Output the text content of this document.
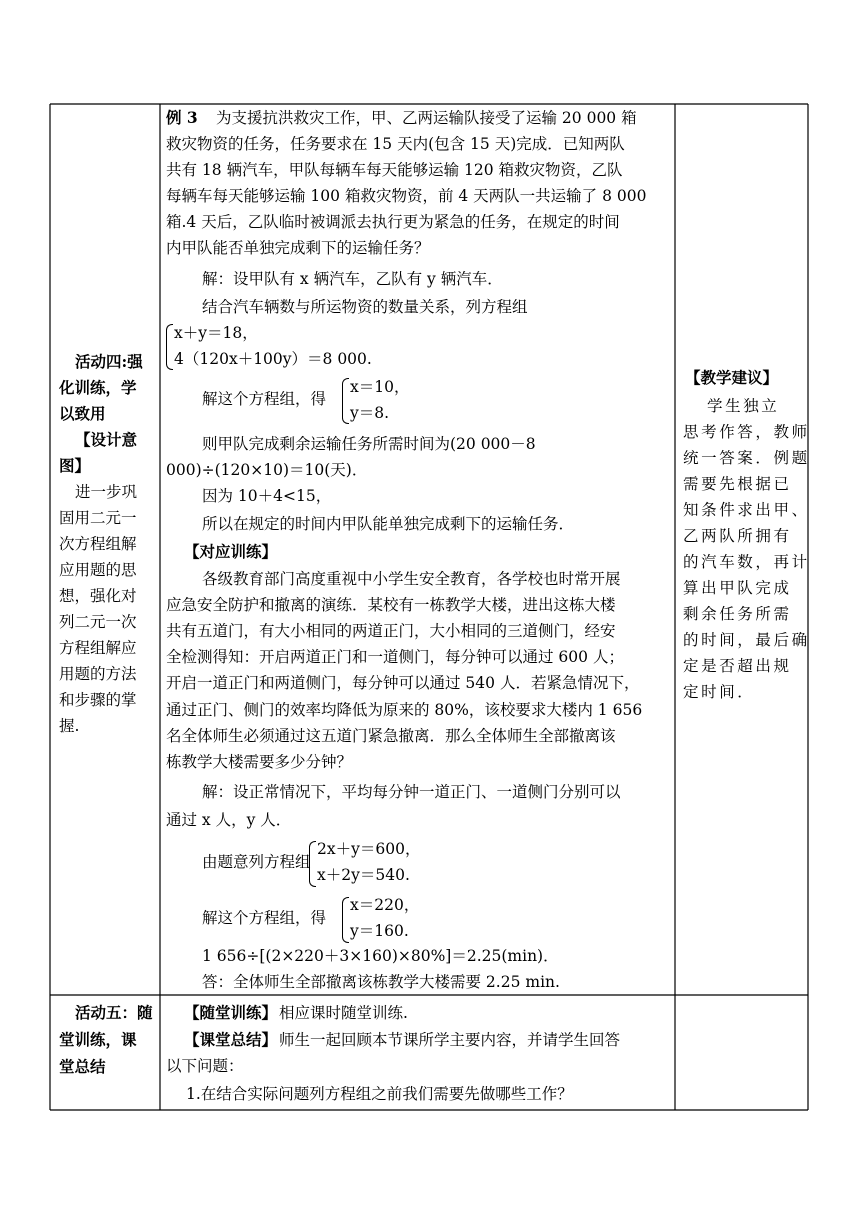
活动四:强
化训练，学
以致用
【设计意
图】
进一步巩
固用二元一
次方程组解
应用题的思
想，强化对
列二元一次
方程组解应
用题的方法
和步骤的掌
握.
例 3 为支援抗洪救灾工作，甲、乙两运输队接受了运输 20 000 箱
救灾物资的任务，任务要求在 15 天内(包含 15 天)完成．已知两队
共有 18 辆汽车，甲队每辆车每天能够运输 120 箱救灾物资，乙队
每辆车每天能够运输 100 箱救灾物资，前 4 天两队一共运输了 8 000
箱.4 天后，乙队临时被调派去执行更为紧急的任务，在规定的时间
内甲队能否单独完成剩下的运输任务？
解：设甲队有 x 辆汽车，乙队有 y 辆汽车．
结合汽车辆数与所运物资的数量关系，列方程组
x＋y＝18，
4（120x＋100y）＝8 000.
解这个方程组，得
x＝10，
y＝8.
则甲队完成剩余运输任务所需时间为(20 000－8
000)÷(120×10)＝10(天)．
因为 10＋4<15，
所以在规定的时间内甲队能单独完成剩下的运输任务．
【对应训练】
各级教育部门高度重视中小学生安全教育，各学校也时常开展
应急安全防护和撤离的演练．某校有一栋教学大楼，进出这栋大楼
共有五道门，有大小相同的两道正门，大小相同的三道侧门，经安
全检测得知：开启两道正门和一道侧门，每分钟可以通过 600 人；
开启一道正门和两道侧门，每分钟可以通过 540 人．若紧急情况下，
通过正门、侧门的效率均降低为原来的 80%，该校要求大楼内 1 656
名全体师生必须通过这五道门紧急撤离．那么全体师生全部撤离该
栋教学大楼需要多少分钟？
解：设正常情况下，平均每分钟一道正门、一道侧门分别可以
通过 x 人，y 人．
由题意列方程组
2x＋y＝600，
x＋2y＝540.
解这个方程组，得
x＝220，
y＝160.
1 656÷[(2×220＋3×160)×80%]＝2.25(min)．
答：全体师生全部撤离该栋教学大楼需要 2.25 min.
【教学建议】
学生独立
思考作答，教师
统一答案．例题
需要先根据已
知条件求出甲、
乙两队所拥有
的汽车数，再计
算出甲队完成
剩余任务所需
的时间，最后确
定是否超出规
定时间．
活动五：随
堂训练，课
堂总结
【随堂训练】 相应课时随堂训练.
【课堂总结】 师生一起回顾本节课所学主要内容，并请学生回答
以下问题：
1.在结合实际问题列方程组之前我们需要先做哪些工作？
